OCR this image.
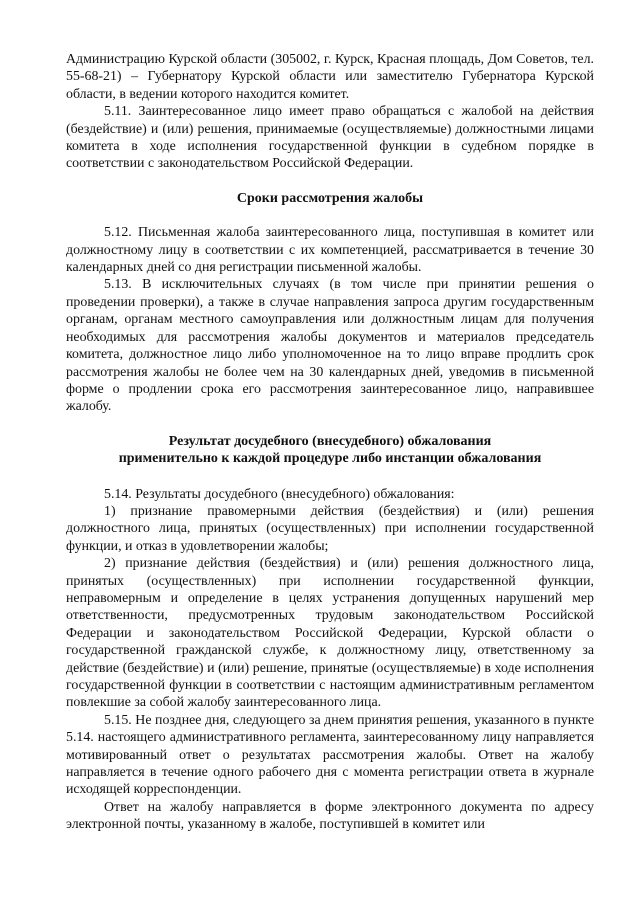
Администрацию Курской области (305002, г. Курск, Красная площадь, Дом Советов, тел. 55-68-21) – Губернатору Курской области или заместителю Губернатора Курской области, в ведении которого находится комитет.

5.11. Заинтересованное лицо имеет право обращаться с жалобой на действия (бездействие) и (или) решения, принимаемые (осуществляемые) должностными лицами комитета в ходе исполнения государственной функции в судебном порядке в соответствии с законодательством Российской Федерации.

Сроки рассмотрения жалобы

5.12. Письменная жалоба заинтересованного лица, поступившая в комитет или должностному лицу в соответствии с их компетенцией, рассматривается в течение 30 календарных дней со дня регистрации письменной жалобы.

5.13. В исключительных случаях (в том числе при принятии решения о проведении проверки), а также в случае направления запроса другим государственным органам, органам местного самоуправления или должностным лицам для получения необходимых для рассмотрения жалобы документов и материалов председатель комитета, должностное лицо либо уполномоченное на то лицо вправе продлить срок рассмотрения жалобы не более чем на 30 календарных дней, уведомив в письменной форме о продлении срока его рассмотрения заинтересованное лицо, направившее жалобу.

Результат досудебного (внесудебного) обжалования
применительно к каждой процедуре либо инстанции обжалования

5.14. Результаты досудебного (внесудебного) обжалования:

1) признание правомерными действия (бездействия) и (или) решения должностного лица, принятых (осуществленных) при исполнении государственной функции, и отказ в удовлетворении жалобы;

2) признание действия (бездействия) и (или) решения должностного лица, принятых (осуществленных) при исполнении государственной функции, неправомерным и определение в целях устранения допущенных нарушений мер ответственности, предусмотренных трудовым законодательством Российской Федерации и законодательством Российской Федерации, Курской области о государственной гражданской службе, к должностному лицу, ответственному за действие (бездействие) и (или) решение, принятые (осуществляемые) в ходе исполнения государственной функции в соответствии с настоящим административным регламентом повлекшие за собой жалобу заинтересованного лица.

5.15. Не позднее дня, следующего за днем принятия решения, указанного в пункте 5.14. настоящего административного регламента, заинтересованному лицу направляется мотивированный ответ о результатах рассмотрения жалобы. Ответ на жалобу направляется в течение одного рабочего дня с момента регистрации ответа в журнале исходящей корреспонденции.

Ответ на жалобу направляется в форме электронного документа по адресу электронной почты, указанному в жалобе, поступившей в комитет или
